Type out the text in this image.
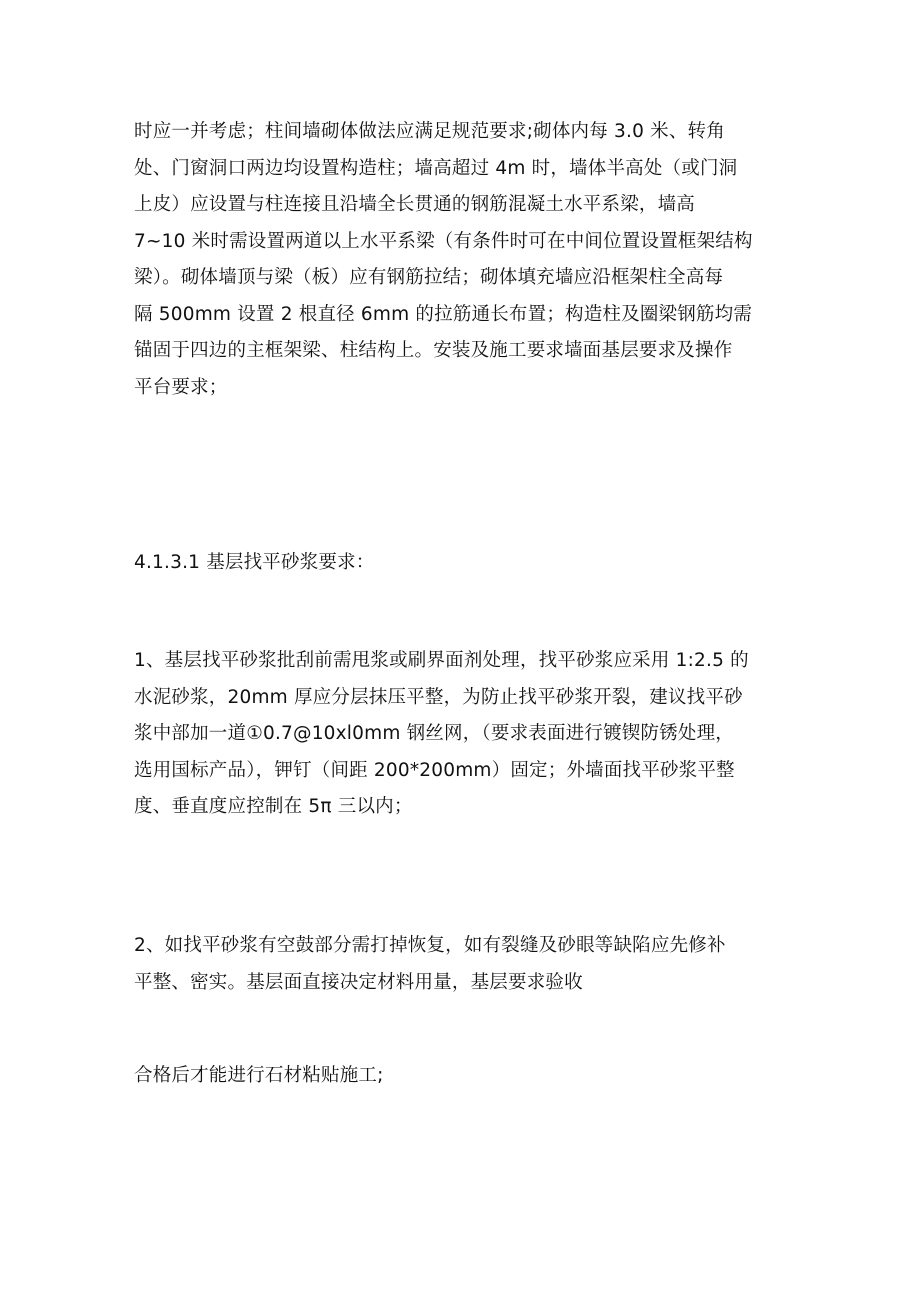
时应一并考虑；柱间墙砌体做法应满足规范要求;砌体内每 3.0 米、转角
处、门窗洞口两边均设置构造柱；墙高超过 4m 时，墙体半高处（或门洞
上皮）应设置与柱连接且沿墙全长贯通的钢筋混凝土水平系梁，墙高
7~10 米时需设置两道以上水平系梁（有条件时可在中间位置设置框架结构
梁）。砌体墙顶与梁（板）应有钢筋拉结；砌体填充墙应沿框架柱全高每
隔 500mm 设置 2 根直径 6mm 的拉筋通长布置；构造柱及圈梁钢筋均需
锚固于四边的主框架梁、柱结构上。安装及施工要求墙面基层要求及操作
平台要求；
4.1.3.1 基层找平砂浆要求：
1、基层找平砂浆批刮前需甩浆或刷界面剂处理，找平砂浆应采用 1:2.5 的
水泥砂浆，20mm 厚应分层抹压平整，为防止找平砂浆开裂，建议找平砂
浆中部加一道①0.7@10xl0mm 钢丝网，（要求表面进行镀锲防锈处理，
选用国标产品），钾钉（间距 200*200mm）固定；外墙面找平砂浆平整
度、垂直度应控制在 5π 三以内；
2、如找平砂浆有空鼓部分需打掉恢复，如有裂缝及砂眼等缺陷应先修补
平整、密实。基层面直接决定材料用量，基层要求验收
合格后才能进行石材粘贴施工;
